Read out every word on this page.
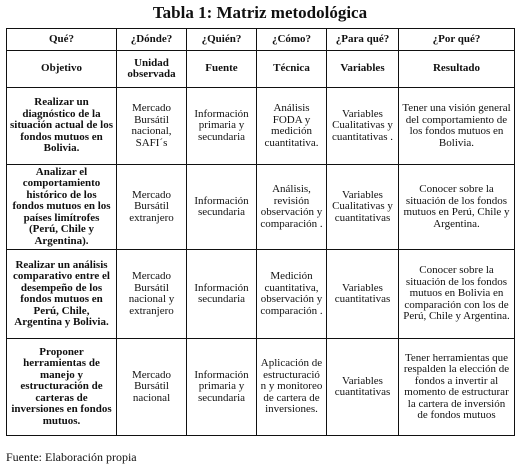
Tabla 1: Matriz metodológica
Qué?	¿Dónde?	¿Quién?	¿Cómo?	¿Para qué?	¿Por qué?
Objetivo	Unidad observada	Fuente	Técnica	Variables	Resultado
Realizar un diagnóstico de la situación actual de los fondos mutuos en Bolivia.	Mercado Bursátil nacional, SAFI´s	Información primaria y secundaria	Análisis FODA y medición cuantitativa.	Variables Cualitativas y cuantitativas .	Tener una visión general del comportamiento de los fondos mutuos en Bolivia.
Analizar el comportamiento histórico de los fondos mutuos en los países limítrofes (Perú, Chile y Argentina).	Mercado Bursátil extranjero	Información secundaria	Análisis, revisión observación y comparación .	Variables Cualitativas y cuantitativas	Conocer sobre la situación de los fondos mutuos en Perú, Chile y Argentina.
Realizar un análisis comparativo entre el desempeño de los fondos mutuos en Perú, Chile, Argentina y Bolivia.	Mercado Bursátil nacional y extranjero	Información secundaria	Medición cuantitativa, observación y comparación .	Variables cuantitativas	Conocer sobre la situación de los fondos mutuos en Bolivia en comparación con los de Perú, Chile y Argentina.
Proponer herramientas de manejo y estructuración de carteras de inversiones en fondos mutuos.	Mercado Bursátil nacional	Información primaria y secundaria	Aplicación de estructuració n y monitoreo de cartera de inversiones.	Variables cuantitativas	Tener herramientas que respalden la elección de fondos a invertir al momento de estructurar la cartera de inversión de fondos mutuos
Fuente: Elaboración propia
